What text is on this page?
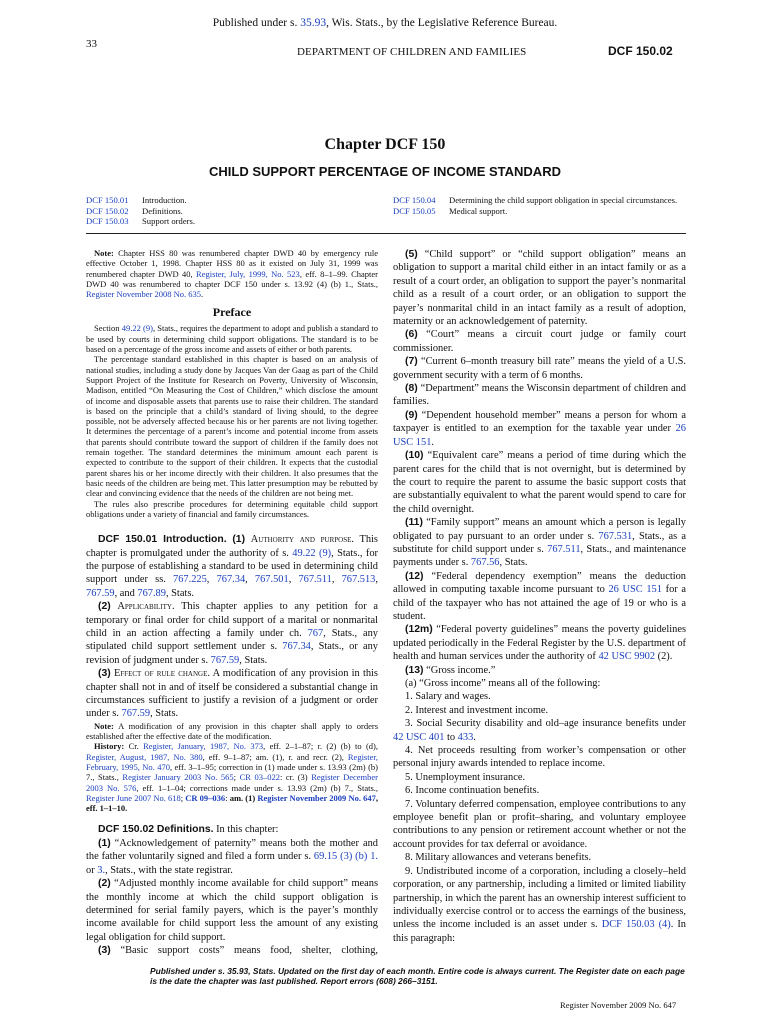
Published under s. 35.93, Wis. Stats., by the Legislative Reference Bureau.
33
DEPARTMENT OF CHILDREN AND FAMILIES	DCF 150.02
Chapter DCF 150
CHILD SUPPORT PERCENTAGE OF INCOME STANDARD
DCF 150.01	Introduction.
DCF 150.02	Definitions.
DCF 150.03	Support orders.
DCF 150.04	Determining the child support obligation in special circumstances.
DCF 150.05	Medical support.

Note: Chapter HSS 80 was renumbered chapter DWD 40 by emergency rule effective October 1, 1998. Chapter HSS 80 as it existed on July 31, 1999 was renumbered chapter DWD 40, Register, July, 1999, No. 523, eff. 8–1–99. Chapter DWD 40 was renumbered to chapter DCF 150 under s. 13.92 (4) (b) 1., Stats., Register November 2008 No. 635.

Preface

Section 49.22 (9), Stats., requires the department to adopt and publish a standard to be used by courts in determining child support obligations. The standard is to be based on a percentage of the gross income and assets of either or both parents.

The percentage standard established in this chapter is based on an analysis of national studies, including a study done by Jacques Van der Gaag as part of the Child Support Project of the Institute for Research on Poverty, University of Wisconsin, Madison, entitled “On Measuring the Cost of Children,” which disclose the amount of income and disposable assets that parents use to raise their children. The standard is based on the principle that a child’s standard of living should, to the degree possible, not be adversely affected because his or her parents are not living together. It determines the percentage of a parent’s income and potential income from assets that parents should contribute toward the support of children if the family does not remain together. The standard determines the minimum amount each parent is expected to contribute to the support of their children. It expects that the custodial parent shares his or her income directly with their children. It also presumes that the basic needs of the children are being met. This latter presumption may be rebutted by clear and convincing evidence that the needs of the children are not being met.

The rules also prescribe procedures for determining equitable child support obligations under a variety of financial and family circumstances.

DCF 150.01 Introduction. (1) Authority and purpose. This chapter is promulgated under the authority of s. 49.22 (9), Stats., for the purpose of establishing a standard to be used in determining child support under ss. 767.225, 767.34, 767.501, 767.511, 767.513, 767.59, and 767.89, Stats.

(2) Applicability. This chapter applies to any petition for a temporary or final order for child support of a marital or nonmarital child in an action affecting a family under ch. 767, Stats., any stipulated child support settlement under s. 767.34, Stats., or any revision of judgment under s. 767.59, Stats.

(3) Effect of rule change. A modification of any provision in this chapter shall not in and of itself be considered a substantial change in circumstances sufficient to justify a revision of a judgment or order under s. 767.59, Stats.

Note: A modification of any provision in this chapter shall apply to orders established after the effective date of the modification.

History: Cr. Register, January, 1987, No. 373, eff. 2–1–87; r. (2) (b) to (d), Register, August, 1987, No. 380, eff. 9–1–87; am. (1), r. and recr. (2), Register, February, 1995, No. 470, eff. 3–1–95; correction in (1) made under s. 13.93 (2m) (b) 7., Stats., Register January 2003 No. 565; CR 03–022: cr. (3) Register December 2003 No. 576, eff. 1–1–04; corrections made under s. 13.93 (2m) (b) 7., Stats., Register June 2007 No. 618; CR 09–036: am. (1) Register November 2009 No. 647, eff. 1–1–10.

DCF 150.02 Definitions. In this chapter:

(1) “Acknowledgement of paternity” means both the mother and the father voluntarily signed and filed a form under s. 69.15 (3) (b) 1. or 3., Stats., with the state registrar.

(2) “Adjusted monthly income available for child support” means the monthly income at which the child support obligation is determined for serial family payers, which is the payer’s monthly income available for child support less the amount of any existing legal obligation for child support.

(3) “Basic support costs” means food, shelter, clothing,

(5) “Child support” or “child support obligation” means an obligation to support a marital child either in an intact family or as a result of a court order, an obligation to support the payer’s nonmarital child as a result of a court order, or an obligation to support the payer’s nonmarital child in an intact family as a result of adoption, maternity or an acknowledgement of paternity.

(6) “Court” means a circuit court judge or family court commissioner.

(7) “Current 6–month treasury bill rate” means the yield of a U.S. government security with a term of 6 months.

(8) “Department” means the Wisconsin department of children and families.

(9) “Dependent household member” means a person for whom a taxpayer is entitled to an exemption for the taxable year under 26 USC 151.

(10) “Equivalent care” means a period of time during which the parent cares for the child that is not overnight, but is determined by the court to require the parent to assume the basic support costs that are substantially equivalent to what the parent would spend to care for the child overnight.

(11) “Family support” means an amount which a person is legally obligated to pay pursuant to an order under s. 767.531, Stats., as a substitute for child support under s. 767.511, Stats., and maintenance payments under s. 767.56, Stats.

(12) “Federal dependency exemption” means the deduction allowed in computing taxable income pursuant to 26 USC 151 for a child of the taxpayer who has not attained the age of 19 or who is a student.

(12m) “Federal poverty guidelines” means the poverty guidelines updated periodically in the Federal Register by the U.S. department of health and human services under the authority of 42 USC 9902 (2).

(13) “Gross income.”

(a) “Gross income” means all of the following:

1. Salary and wages.

2. Interest and investment income.

3. Social Security disability and old–age insurance benefits under 42 USC 401 to 433.

4. Net proceeds resulting from worker’s compensation or other personal injury awards intended to replace income.

5. Unemployment insurance.

6. Income continuation benefits.

7. Voluntary deferred compensation, employee contributions to any employee benefit plan or profit–sharing, and voluntary employee contributions to any pension or retirement account whether or not the account provides for tax deferral or avoidance.

8. Military allowances and veterans benefits.

9. Undistributed income of a corporation, including a closely–held corporation, or any partnership, including a limited or limited liability partnership, in which the parent has an ownership interest sufficient to individually exercise control or to access the earnings of the business, unless the income included is an asset under s. DCF 150.03 (4). In this paragraph:

Published under s. 35.93, Stats. Updated on the first day of each month. Entire code is always current. The Register date on each page
is the date the chapter was last published. Report errors (608) 266–3151.
Register November 2009 No. 647
